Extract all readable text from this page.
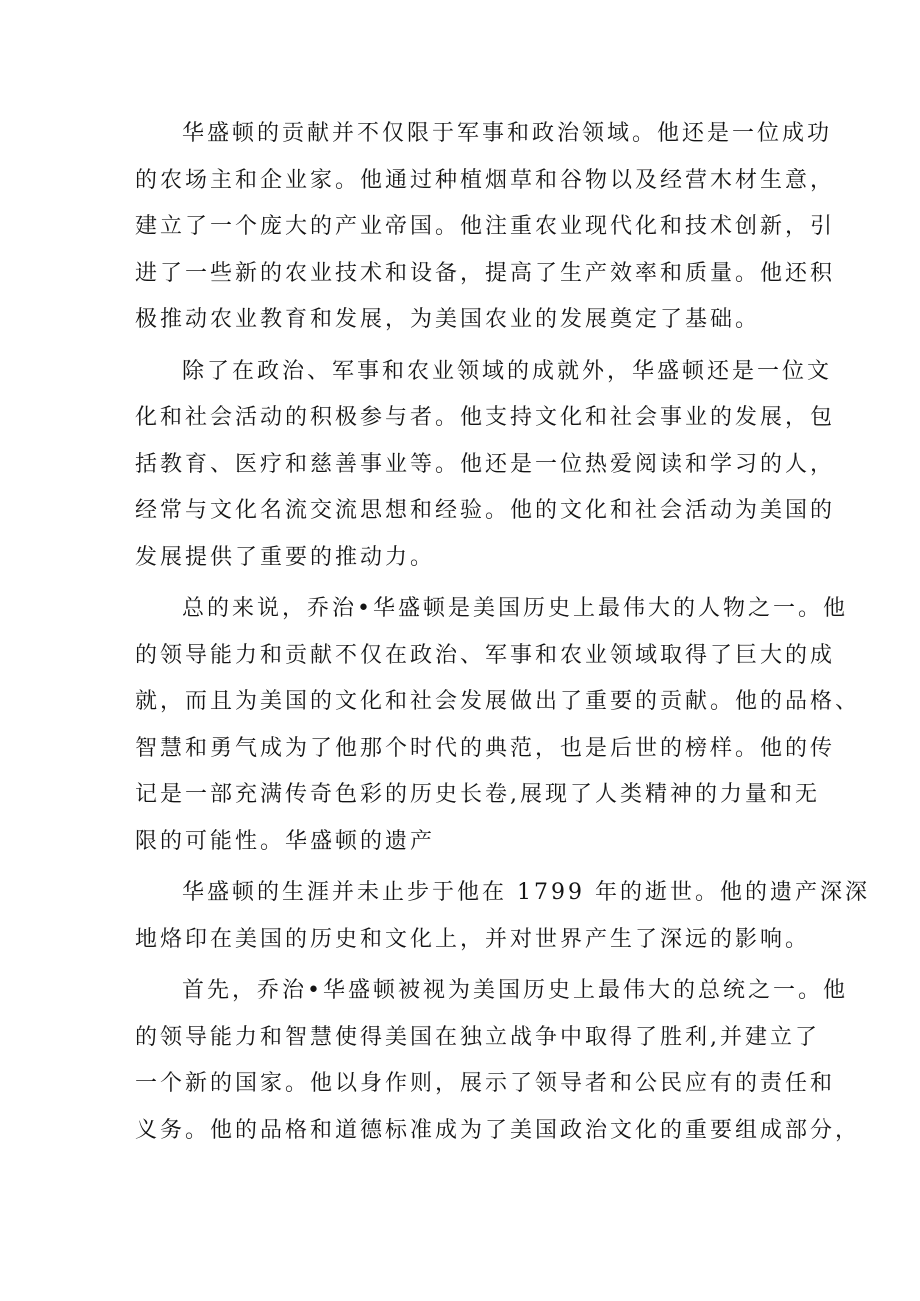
华盛顿的贡献并不仅限于军事和政治领域。他还是一位成功
的农场主和企业家。他通过种植烟草和谷物以及经营木材生意，
建立了一个庞大的产业帝国。他注重农业现代化和技术创新，引
进了一些新的农业技术和设备，提高了生产效率和质量。他还积
极推动农业教育和发展，为美国农业的发展奠定了基础。

除了在政治、军事和农业领域的成就外，华盛顿还是一位文
化和社会活动的积极参与者。他支持文化和社会事业的发展，包
括教育、医疗和慈善事业等。他还是一位热爱阅读和学习的人，
经常与文化名流交流思想和经验。他的文化和社会活动为美国的
发展提供了重要的推动力。

总的来说，乔治•华盛顿是美国历史上最伟大的人物之一。他
的领导能力和贡献不仅在政治、军事和农业领域取得了巨大的成
就，而且为美国的文化和社会发展做出了重要的贡献。他的品格、
智慧和勇气成为了他那个时代的典范，也是后世的榜样。他的传
记是一部充满传奇色彩的历史长卷,展现了人类精神的力量和无
限的可能性。华盛顿的遗产

华盛顿的生涯并未止步于他在 1799 年的逝世。他的遗产深深
地烙印在美国的历史和文化上，并对世界产生了深远的影响。

首先，乔治•华盛顿被视为美国历史上最伟大的总统之一。他
的领导能力和智慧使得美国在独立战争中取得了胜利,并建立了
一个新的国家。他以身作则，展示了领导者和公民应有的责任和
义务。他的品格和道德标准成为了美国政治文化的重要组成部分，
